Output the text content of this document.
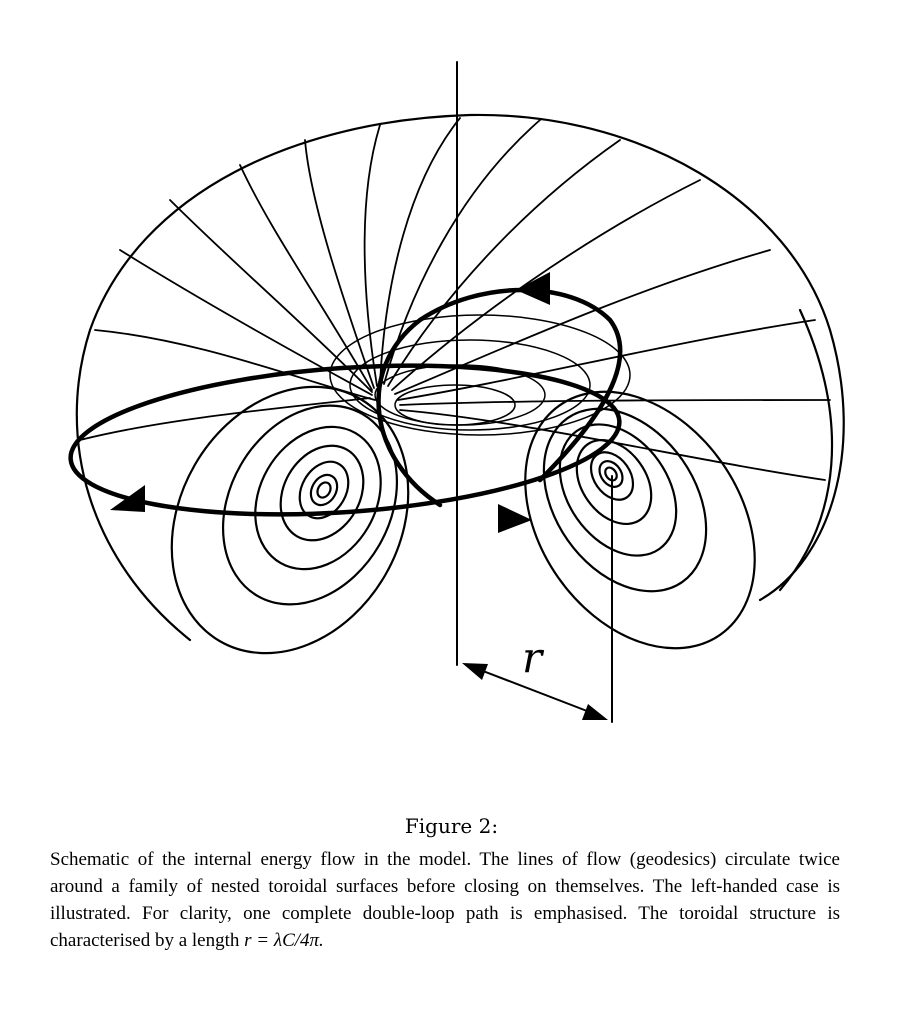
r
Figure 2:
Schematic of the internal energy flow in the model. The lines of flow (geodesics) circulate twice around a family of nested toroidal surfaces before closing on themselves. The left-handed case is illustrated. For clarity, one complete double-loop path is emphasised. The toroidal structure is characterised by a length r = λC/4π.
